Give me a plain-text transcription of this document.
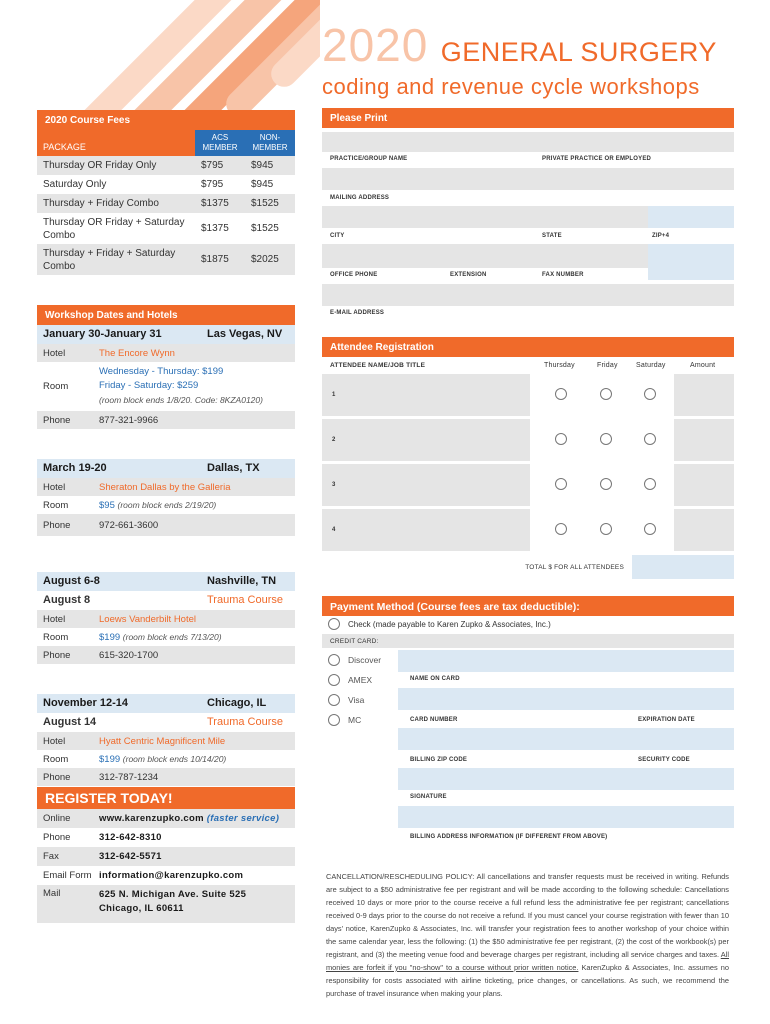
2020 GENERAL SURGERY
coding and revenue cycle workshops
2020 Course Fees
PACKAGE	ACS MEMBER	NON-MEMBER
Thursday OR Friday Only	$795	$945
Saturday Only	$795	$945
Thursday + Friday Combo	$1375	$1525
Thursday OR Friday + Saturday Combo	$1375	$1525
Thursday + Friday + Saturday Combo	$1875	$2025
Workshop Dates and Hotels
January 30-January 31	Las Vegas, NV
Hotel	The Encore Wynn
Room
Wednesday - Thursday: $199
Friday - Saturday: $259
(room block ends 1/8/20. Code: 8KZA0120)
Phone	877-321-9966
March 19-20	Dallas, TX
Hotel	Sheraton Dallas by the Galleria
Room	$95 (room block ends 2/19/20)
Phone	972-661-3600
August 6-8	Nashville, TN
August 8	Trauma Course
Hotel	Loews Vanderbilt Hotel
Room	$199 (room block ends 7/13/20)
Phone	615-320-1700
November 12-14	Chicago, IL
August 14	Trauma Course
Hotel	Hyatt Centric Magnificent Mile
Room	$199 (room block ends 10/14/20)
Phone	312-787-1234
REGISTER TODAY!
Online	www.karenzupko.com (faster service)
Phone	312-642-8310
Fax	312-642-5571
Email Form information@karenzupko.com
Mail	625 N. Michigan Ave. Suite 525
Chicago, IL 60611
Please Print
PRACTICE/GROUP NAME	PRIVATE PRACTICE OR EMPLOYED
MAILING ADDRESS
CITY	STATE	ZIP+4
OFFICE PHONE	EXTENSION	FAX NUMBER
E-MAIL ADDRESS
Attendee Registration
ATTENDEE NAME/JOB TITLE	Thursday	Friday	Saturday	Amount
1
2
3
4
TOTAL $ FOR ALL ATTENDEES
Payment Method (Course fees are tax deductible):
Check (made payable to Karen Zupko & Associates, Inc.)
CREDIT CARD:
Discover
AMEX
Visa
MC
NAME ON CARD
CARD NUMBER	EXPIRATION DATE
BILLING ZIP CODE	SECURITY CODE
SIGNATURE
BILLING ADDRESS INFORMATION (IF DIFFERENT FROM ABOVE)
CANCELLATION/RESCHEDULING POLICY: All cancellations and transfer requests must be received in writing. Refunds are subject to a $50 administrative fee per registrant and will be made according to the following schedule: Cancellations received 10 days or more prior to the course receive a full refund less the administrative fee per registrant; cancellations received 0-9 days prior to the course do not receive a refund. If you must cancel your course registration with fewer than 10 days' notice, KarenZupko & Associates, Inc. will transfer your registration fees to another workshop of your choice within the same calendar year, less the following: (1) the $50 administrative fee per registrant, (2) the cost of the workbook(s) per registrant, and (3) the meeting venue food and beverage charges per registrant, including all service charges and taxes. All monies are forfeit if you "no-show" to a course without prior written notice. KarenZupko & Associates, Inc. assumes no responsibility for costs associated with airline ticketing, price changes, or cancellations. As such, we recommend the purchase of travel insurance when making your plans.
